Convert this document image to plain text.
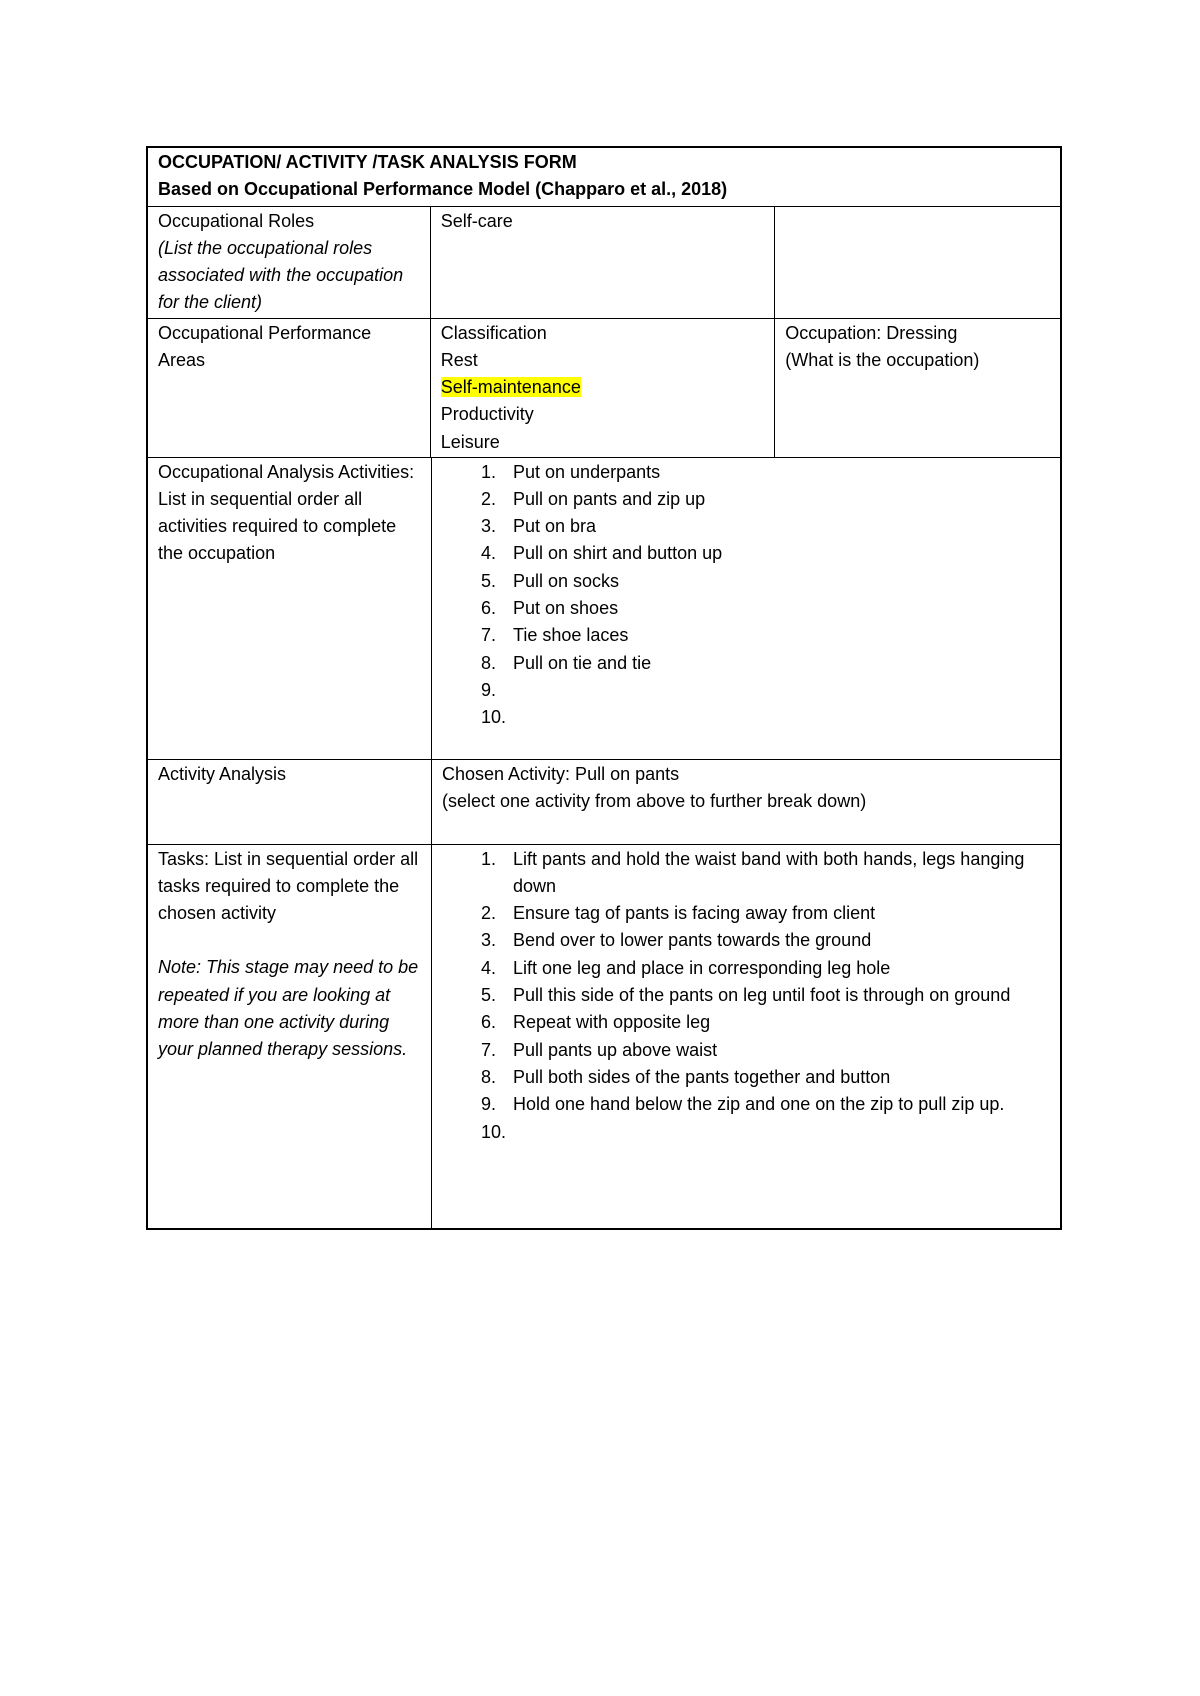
OCCUPATION/ ACTIVITY /TASK ANALYSIS FORM
Based on Occupational Performance Model (Chapparo et al., 2018)
Occupational Roles
(List the occupational roles associated with the occupation for the client)
Self-care
Occupational Performance Areas
Classification
Rest
Self-maintenance
Productivity
Leisure
Occupation: Dressing
(What is the occupation)
Occupational Analysis Activities: List in sequential order all activities required to complete the occupation
1. Put on underpants
2. Pull on pants and zip up
3. Put on bra
4. Pull on shirt and button up
5. Pull on socks
6. Put on shoes
7. Tie shoe laces
8. Pull on tie and tie
9.
10.
Activity Analysis	Chosen Activity: Pull on pants
(select one activity from above to further break down)
Tasks: List in sequential order all tasks required to complete the chosen activity
Note: This stage may need to be repeated if you are looking at more than one activity during your planned therapy sessions.
1. Lift pants and hold the waist band with both hands, legs hanging down
2. Ensure tag of pants is facing away from client
3. Bend over to lower pants towards the ground
4. Lift one leg and place in corresponding leg hole
5. Pull this side of the pants on leg until foot is through on ground
6. Repeat with opposite leg
7. Pull pants up above waist
8. Pull both sides of the pants together and button
9. Hold one hand below the zip and one on the zip to pull zip up.
10.
